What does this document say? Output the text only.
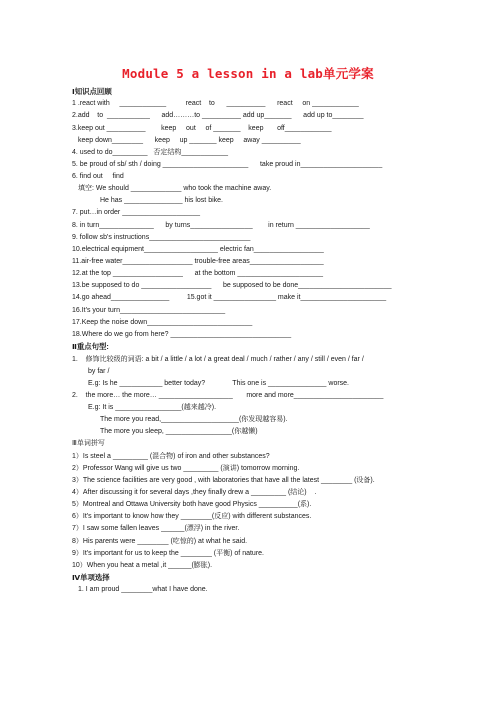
Module 5 a lesson in a lab单元学案
Ⅰ知识点回顾
1 .react with     ____________          react    to      __________      react     on ____________
2.add    to  ___________      add………to __________ add up_______      add up to________
3.keep out __________        keep     out     of _______    keep       off____________
keep down________      keep     up _______ keep     away __________
4. used to do_________   否定结构____________
5. be proud of sb/ sth / doing ______________________      take proud in_____________________
6. find out     find
填空: We should _____________ who took the machine away.
He has _______________ his lost bike.
7. put…in order ____________________
8. in turn______________      by turns________________        in return ___________________
9. follow sb's instructions__________________________
10.electrical equipment___________________ electric fan__________________
11.air-free water__________________ trouble-free areas___________________
12.at the top __________________      at the bottom ______________________
13.be supposed to do __________________      be supposed to be done________________________
14.go ahead_______________         15.got it ________________ make it______________________
16.It's your turn___________________________
17.Keep the noise down___________________________
18.Where do we go from here? _______________________________
Ⅱ重点句型:
1.    修饰比较级的词语: a bit / a little / a lot / a great deal / much / rather / any / still / even / far /
by far /
E.g: Is he ___________ better today?              This one is _______________ worse.
2.    the more… the more… ___________________       more and more_______________________
E.g: It is _________________(越来越冷).
The more you read,____________________(你发现越容易).
The more you sleep, _________________(你越懒)
Ⅲ单词拼写
1）Is steel a _________ (混合物) of iron and other substances?
2）Professor Wang will give us two _________ (演讲) tomorrow morning.
3）The science facilities are very good , with laboratories that have all the latest ________ (设备).
4）After discussing it for several days ,they finally drew a _________ (结论)    .
5）Montreal and Ottawa University both have good Physics __________(系).
6）It's important to know how they ________(反应) with different substances.
7）I saw some fallen leaves ______(漂浮) in the river.
8）His parents were ________ (吃惊的) at what he said.
9）It's important for us to keep the ________ (平衡) of nature.
10）When you heat a metal ,it ______(膨胀).
Ⅳ单项选择
1. I am proud ________what I have done.
